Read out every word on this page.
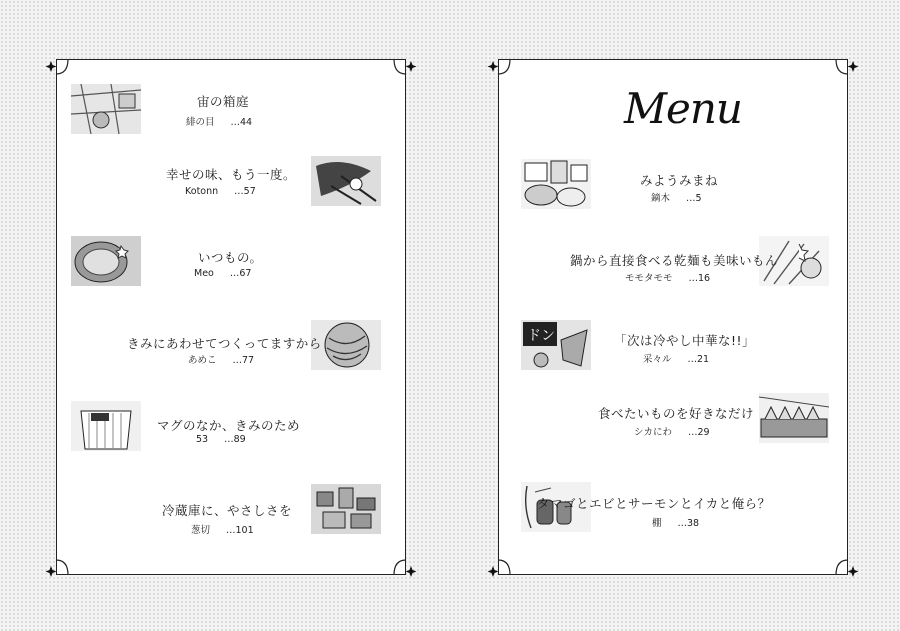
Menu
宙の箱庭
緋の目 …44
幸せの味、もう一度。
Kotonn …57
いつもの。
Meo …67
きみにあわせてつくってますから
あめこ …77
マグのなか、きみのため
53 …89
冷蔵庫に、やさしさを
葱切 …101
みようみまね
鏑木 …5
鍋から直接食べる乾麺も美味いもん
モモタモモ …16
ドン	「次は冷やし中華な!!」
采々ル …21
食べたいものを好きなだけ
シカにわ …29
タマゴとエビとサーモンとイカと俺ら？
棚 …38
